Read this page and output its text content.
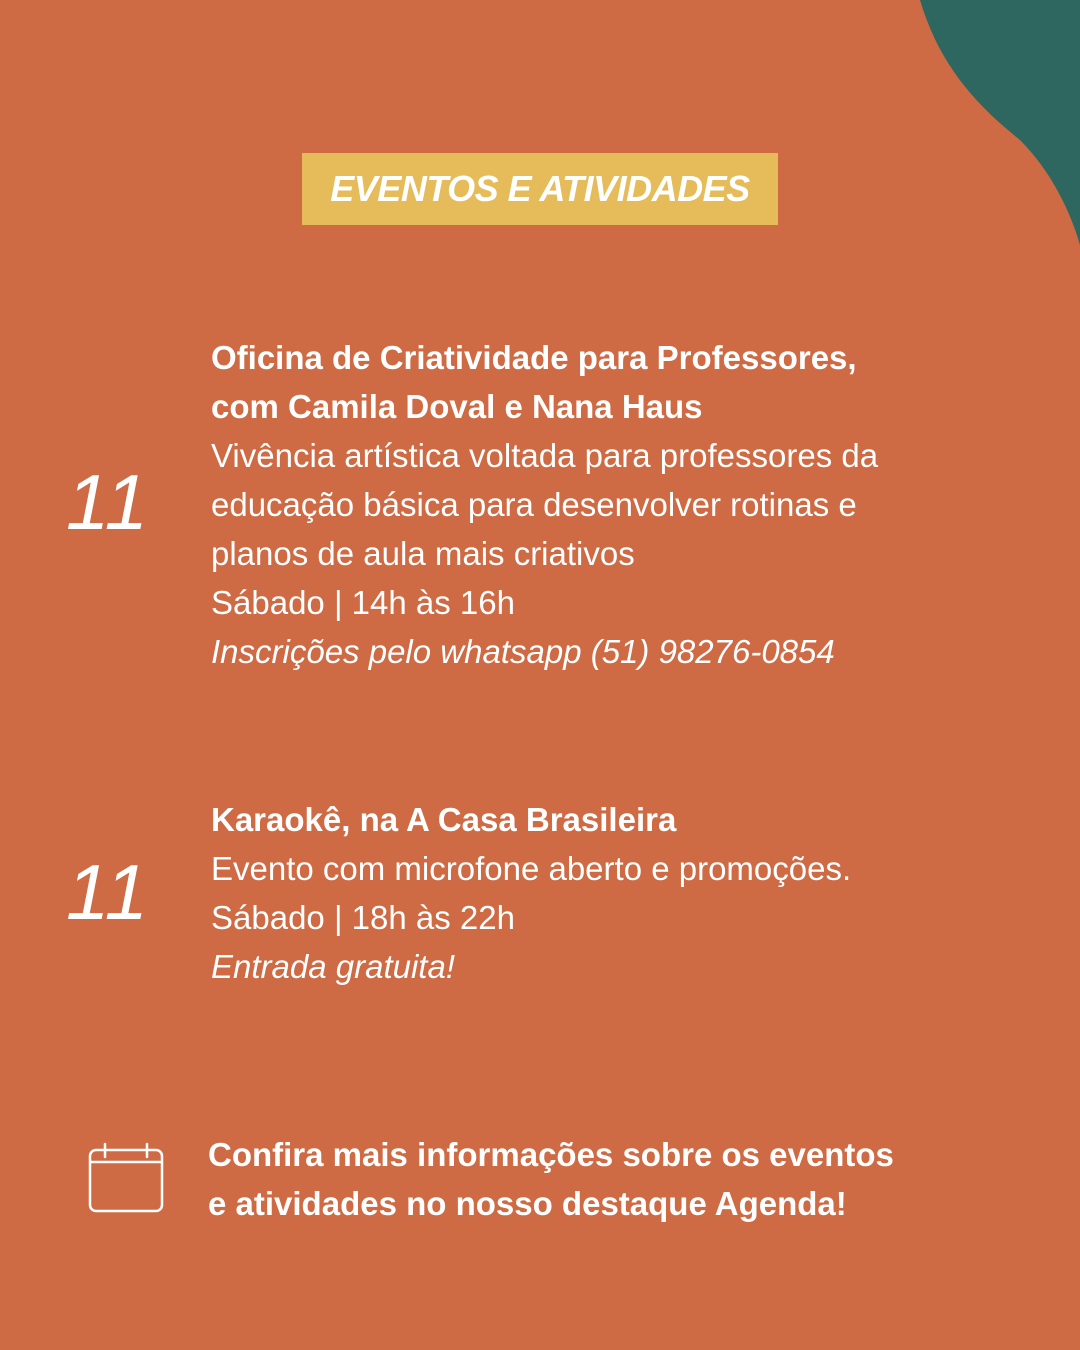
EVENTOS E ATIVIDADES
11
Oficina de Criatividade para Professores,
com Camila Doval e Nana Haus
Vivência artística voltada para professores da
educação básica para desenvolver rotinas e
planos de aula mais criativos
Sábado | 14h às 16h
Inscrições pelo whatsapp (51) 98276-0854
11
Karaokê, na A Casa Brasileira
Evento com microfone aberto e promoções.
Sábado | 18h às 22h
Entrada gratuita!
Confira mais informações sobre os eventos
e atividades no nosso destaque Agenda!
